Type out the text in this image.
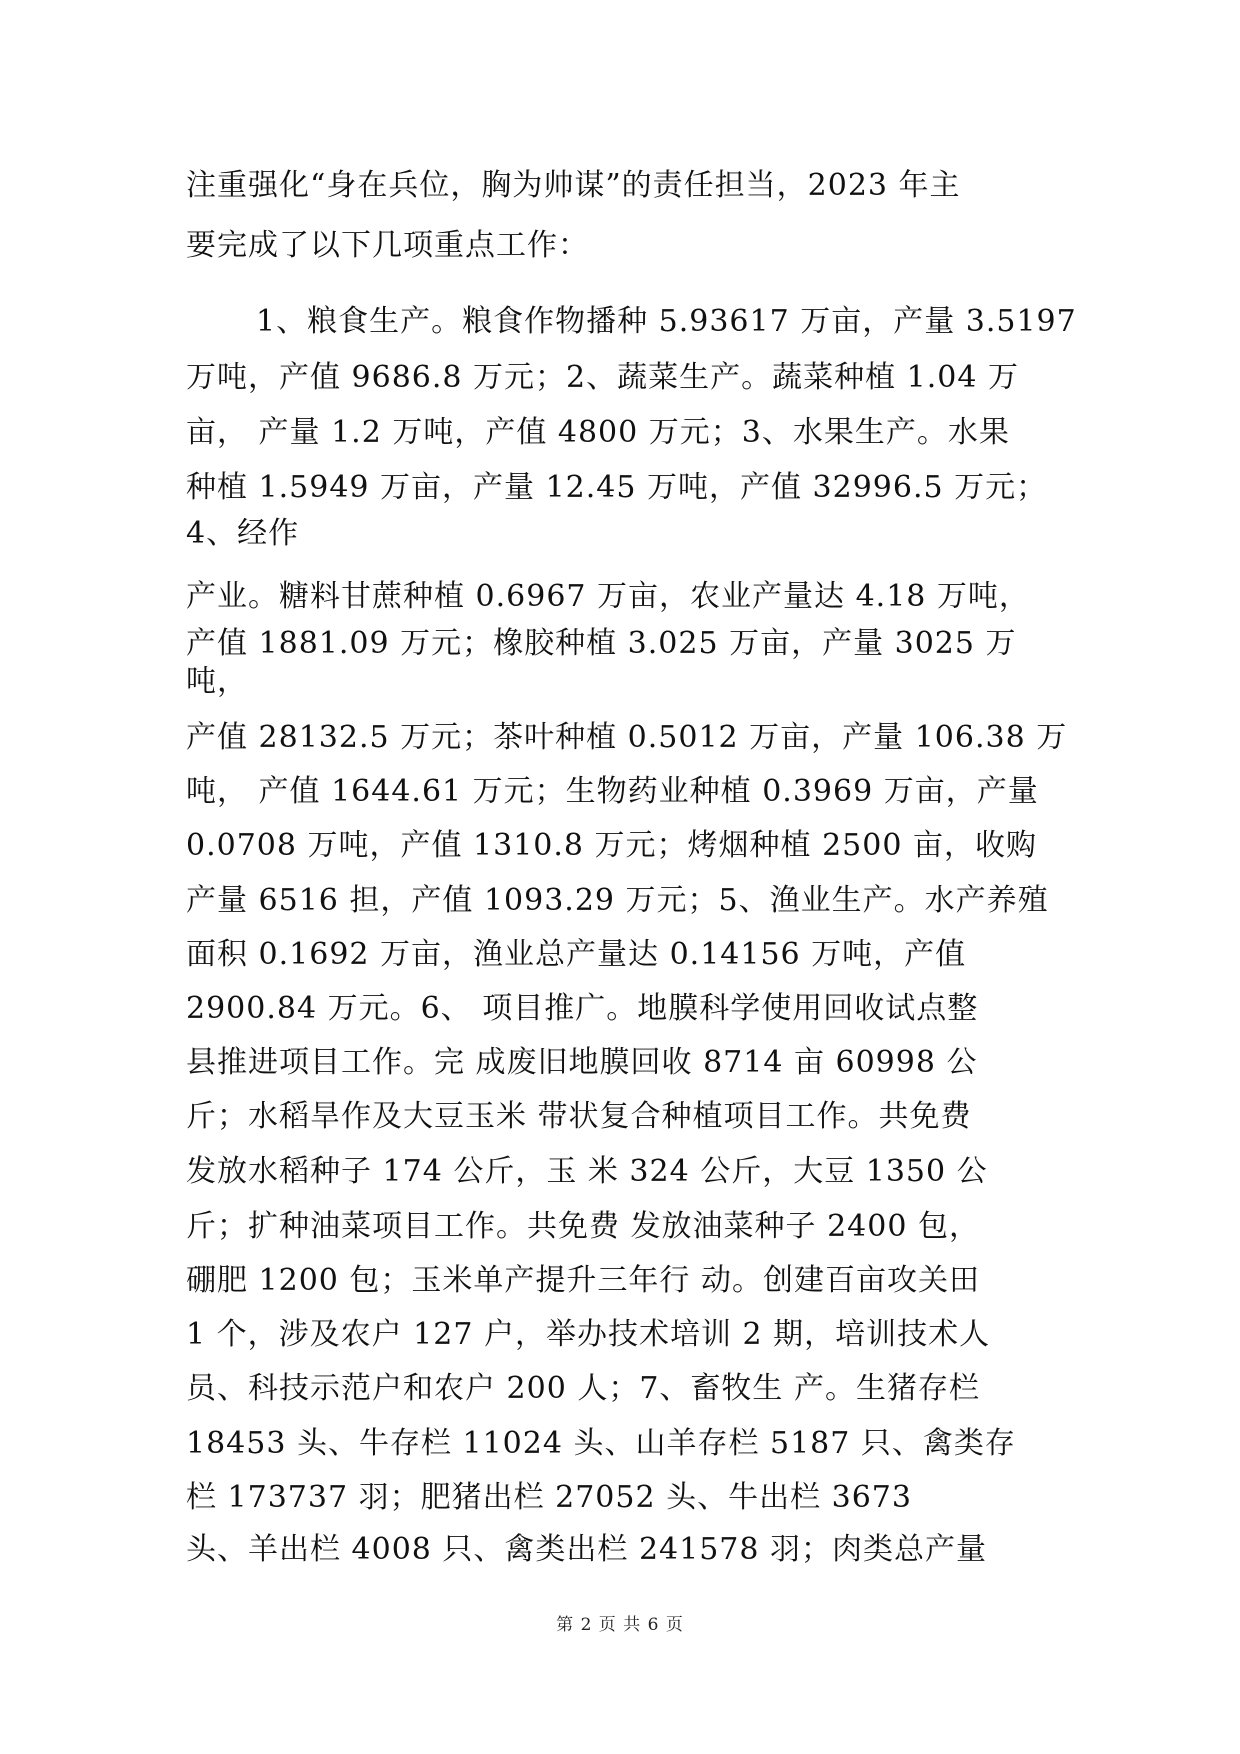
注重强化“身在兵位，胸为帅谋”的责任担当，2023 年主
要完成了以下几项重点工作：
1、粮食生产。粮食作物播种 5.93617 万亩，产量 3.5197
万吨，产值 9686.8 万元；2、蔬菜生产。蔬菜种植 1.04 万
亩， 产量 1.2 万吨，产值 4800 万元；3、水果生产。水果
种植 1.5949 万亩，产量 12.45 万吨，产值 32996.5 万元；
4、经作
产业。糖料甘蔗种植 0.6967 万亩，农业产量达 4.18 万吨，
产值 1881.09 万元；橡胶种植 3.025 万亩，产量 3025 万
吨，
产值 28132.5 万元；茶叶种植 0.5012 万亩，产量 106.38 万
吨， 产值 1644.61 万元；生物药业种植 0.3969 万亩，产量
0.0708 万吨，产值 1310.8 万元；烤烟种植 2500 亩，收购
产量 6516 担，产值 1093.29 万元；5、渔业生产。水产养殖
面积 0.1692 万亩，渔业总产量达 0.14156 万吨，产值
2900.84 万元。6、 项目推广。地膜科学使用回收试点整
县推进项目工作。完 成废旧地膜回收 8714 亩 60998 公
斤；水稻旱作及大豆玉米 带状复合种植项目工作。共免费
发放水稻种子 174 公斤，玉 米 324 公斤，大豆 1350 公
斤；扩种油菜项目工作。共免费 发放油菜种子 2400 包，
硼肥 1200 包；玉米单产提升三年行 动。创建百亩攻关田
1 个，涉及农户 127 户，举办技术培训 2 期，培训技术人
员、科技示范户和农户 200 人；7、畜牧生 产。生猪存栏
18453 头、牛存栏 11024 头、山羊存栏 5187 只、禽类存
栏 173737 羽；肥猪出栏 27052 头、牛出栏 3673
头、羊出栏 4008 只、禽类出栏 241578 羽；肉类总产量
第 2 页 共 6 页
